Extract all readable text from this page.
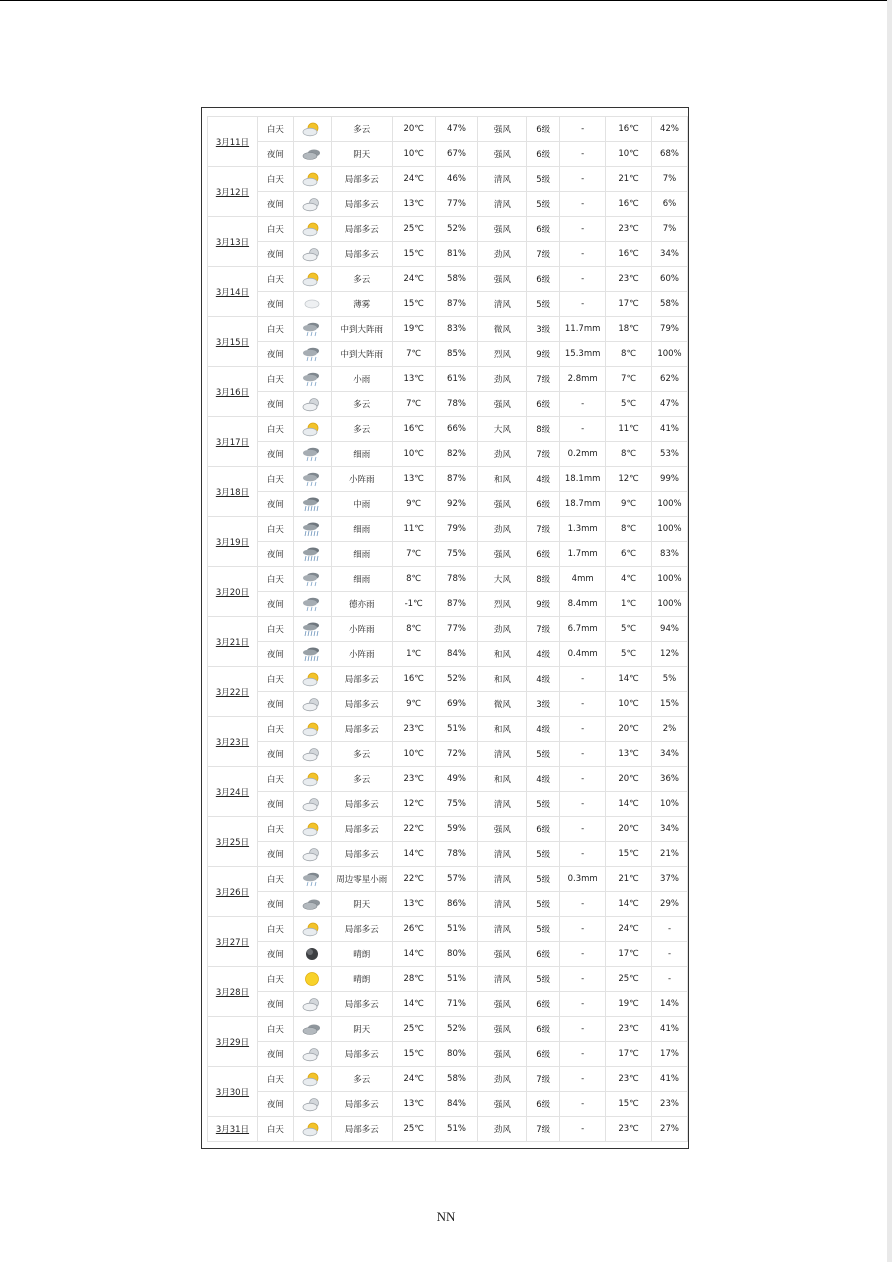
3月11日	白天		多云	20℃	47%	强风	6级	-	16℃	42%
	夜间		阴天	10℃	67%	强风	6级	-	10℃	68%
3月12日	白天		局部多云	24℃	46%	清风	5级	-	21℃	7%
	夜间		局部多云	13℃	77%	清风	5级	-	16℃	6%
3月13日	白天		局部多云	25℃	52%	强风	6级	-	23℃	7%
	夜间		局部多云	15℃	81%	劲风	7级	-	16℃	34%
3月14日	白天		多云	24℃	58%	强风	6级	-	23℃	60%
	夜间		薄雾	15℃	87%	清风	5级	-	17℃	58%
3月15日	白天		中到大阵雨	19℃	83%	微风	3级	11.7mm	18℃	79%
	夜间		中到大阵雨	7℃	85%	烈风	9级	15.3mm	8℃	100%
3月16日	白天		小雨	13℃	61%	劲风	7级	2.8mm	7℃	62%
	夜间		多云	7℃	78%	强风	6级	-	5℃	47%
3月17日	白天		多云	16℃	66%	大风	8级	-	11℃	41%
	夜间		细雨	10℃	82%	劲风	7级	0.2mm	8℃	53%
3月18日	白天		小阵雨	13℃	87%	和风	4级	18.1mm	12℃	99%
	夜间		中雨	9℃	92%	强风	6级	18.7mm	9℃	100%
3月19日	白天		细雨	11℃	79%	劲风	7级	1.3mm	8℃	100%
	夜间		细雨	7℃	75%	强风	6级	1.7mm	6℃	83%
3月20日	白天		细雨	8℃	78%	大风	8级	4mm	4℃	100%
	夜间		德亦雨	-1℃	87%	烈风	9级	8.4mm	1℃	100%
3月21日	白天		小阵雨	8℃	77%	劲风	7级	6.7mm	5℃	94%
	夜间		小阵雨	1℃	84%	和风	4级	0.4mm	5℃	12%
3月22日	白天		局部多云	16℃	52%	和风	4级	-	14℃	5%
	夜间		局部多云	9℃	69%	微风	3级	-	10℃	15%
3月23日	白天		局部多云	23℃	51%	和风	4级	-	20℃	2%
	夜间		多云	10℃	72%	清风	5级	-	13℃	34%
3月24日	白天		多云	23℃	49%	和风	4级	-	20℃	36%
	夜间		局部多云	12℃	75%	清风	5级	-	14℃	10%
3月25日	白天		局部多云	22℃	59%	强风	6级	-	20℃	34%
	夜间		局部多云	14℃	78%	清风	5级	-	15℃	21%
3月26日	白天		周边零星小雨	22℃	57%	清风	5级	0.3mm	21℃	37%
	夜间		阴天	13℃	86%	清风	5级	-	14℃	29%
3月27日	白天		局部多云	26℃	51%	清风	5级	-	24℃	-
	夜间		晴朗	14℃	80%	强风	6级	-	17℃	-
3月28日	白天		晴朗	28℃	51%	清风	5级	-	25℃	-
	夜间		局部多云	14℃	71%	强风	6级	-	19℃	14%
3月29日	白天		阴天	25℃	52%	强风	6级	-	23℃	41%
	夜间		局部多云	15℃	80%	强风	6级	-	17℃	17%
3月30日	白天		多云	24℃	58%	劲风	7级	-	23℃	41%
	夜间		局部多云	13℃	84%	强风	6级	-	15℃	23%
3月31日	白天		局部多云	25℃	51%	劲风	7级	-	23℃	27%
NN
